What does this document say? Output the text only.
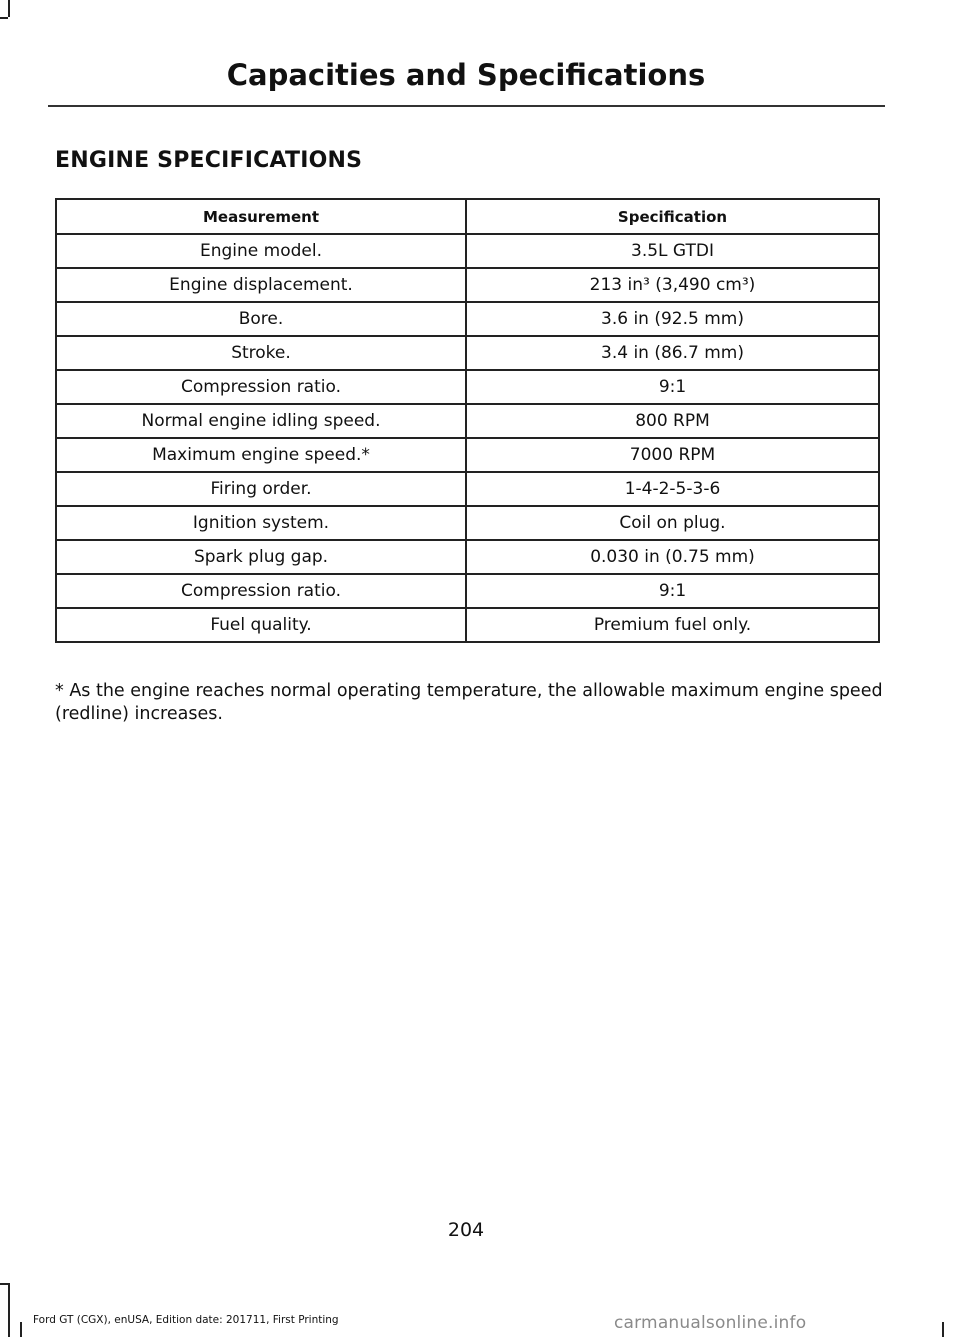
Capacities and Specifications
ENGINE SPECIFICATIONS
Measurement	Specification
Engine model.	3.5L GTDI
Engine displacement.	213 in³ (3,490 cm³)
Bore.	3.6 in (92.5 mm)
Stroke.	3.4 in (86.7 mm)
Compression ratio.	9:1
Normal engine idling speed.	800 RPM
Maximum engine speed.*	7000 RPM
Firing order.	1-4-2-5-3-6
Ignition system.	Coil on plug.
Spark plug gap.	0.030 in (0.75 mm)
Compression ratio.	9:1
Fuel quality.	Premium fuel only.
* As the engine reaches normal operating temperature, the allowable maximum engine speed (redline) increases.
204
Ford GT (CGX), enUSA, Edition date: 201711, First Printing	carmanualsonline.info
